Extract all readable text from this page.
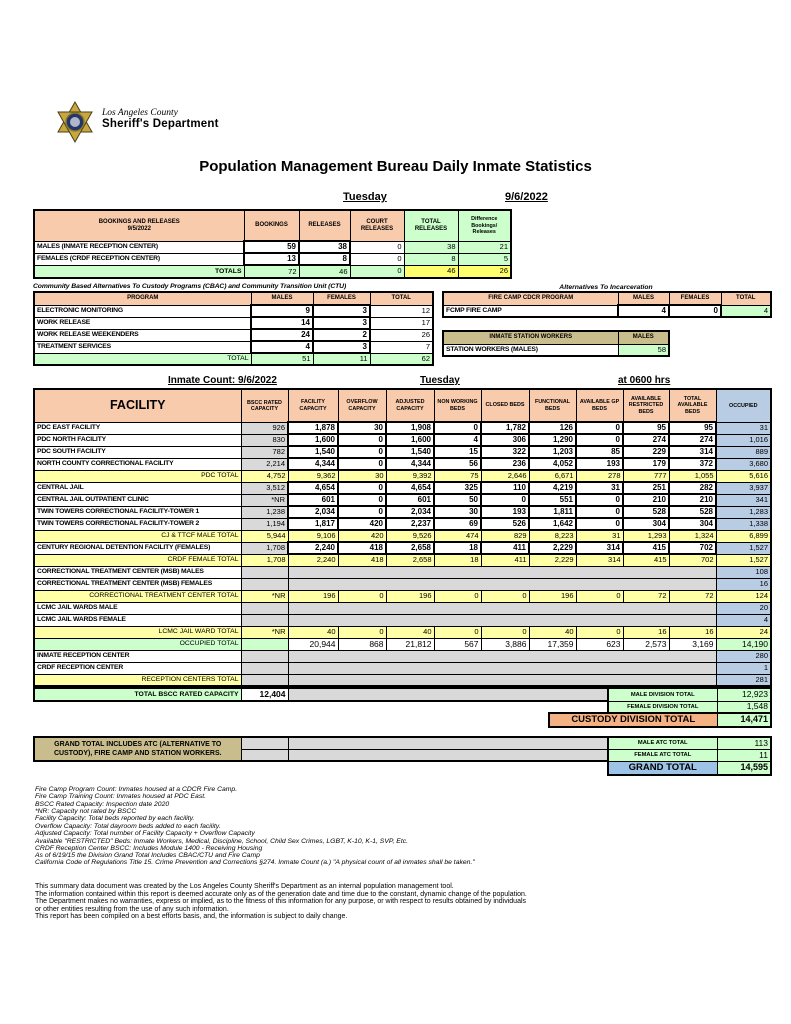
Los Angeles County
Sheriff's Department
Population Management Bureau Daily Inmate Statistics
Tuesday	9/6/2022
BOOKINGS AND RELEASES
9/5/2022	BOOKINGS	RELEASES	COURT RELEASES	TOTAL RELEASES	Difference Bookings/ Releases
MALES (INMATE RECEPTION CENTER)	59	38	0	38	21
FEMALES (CRDF RECEPTION CENTER)	13	8	0	8	5
TOTALS	72	46	0	46	26
Community Based Alternatives To Custody Programs (CBAC) and Community Transition Unit (CTU)
PROGRAM	MALES	FEMALES	TOTAL
ELECTRONIC MONITORING	9	3	12
WORK RELEASE	14	3	17
WORK RELEASE WEEKENDERS	24	2	26
TREATMENT SERVICES	4	3	7
TOTAL	51	11	62
Alternatives To Incarceration
FIRE CAMP CDCR PROGRAM	MALES	FEMALES	TOTAL
FCMP FIRE CAMP	4	0	4
INMATE STATION WORKERS	MALES
STATION WORKERS (MALES)	58
Inmate Count: 9/6/2022	Tuesday	at 0600 hrs
FACILITY	BSCC RATED CAPACITY	FACILITY CAPACITY	OVERFLOW CAPACITY	ADJUSTED CAPACITY	NON WORKING BEDS	CLOSED BEDS	FUNCTIONAL BEDS	AVAILABLE GP BEDS	AVAILABLE RESTRICTED BEDS	TOTAL AVAILABLE BEDS	OCCUPIED
PDC EAST FACILITY	926	1,878	30	1,908	0	1,782	126	0	95	95	31
PDC NORTH FACILITY	830	1,600	0	1,600	4	306	1,290	0	274	274	1,016
PDC SOUTH FACILITY	782	1,540	0	1,540	15	322	1,203	85	229	314	889
NORTH COUNTY CORRECTIONAL FACILITY	2,214	4,344	0	4,344	56	236	4,052	193	179	372	3,680
PDC TOTAL	4,752	9,362	30	9,392	75	2,646	6,671	278	777	1,055	5,616
CENTRAL JAIL	3,512	4,654	0	4,654	325	110	4,219	31	251	282	3,937
CENTRAL JAIL OUTPATIENT CLINIC	*NR	601	0	601	50	0	551	0	210	210	341
TWIN TOWERS CORRECTIONAL FACILITY-TOWER 1	1,238	2,034	0	2,034	30	193	1,811	0	528	528	1,283
TWIN TOWERS CORRECTIONAL FACILITY-TOWER 2	1,194	1,817	420	2,237	69	526	1,642	0	304	304	1,338
CJ & TTCF MALE TOTAL	5,944	9,106	420	9,526	474	829	8,223	31	1,293	1,324	6,899
CENTURY REGIONAL DETENTION FACILITY (FEMALES)	1,708	2,240	418	2,658	18	411	2,229	314	415	702	1,527
CRDF FEMALE TOTAL	1,708	2,240	418	2,658	18	411	2,229	314	415	702	1,527
CORRECTIONAL TREATMENT CENTER (MSB) MALES											108
CORRECTIONAL TREATMENT CENTER (MSB) FEMALES											16
CORRECTIONAL TREATMENT CENTER TOTAL	*NR	196	0	196	0	0	196	0	72	72	124
LCMC JAIL WARDS MALE											20
LCMC JAIL WARDS FEMALE											4
LCMC JAIL WARD TOTAL	*NR	40	0	40	0	0	40	0	16	16	24
OCCUPIED TOTAL		20,944	868	21,812	567	3,886	17,359	623	2,573	3,169	14,190
INMATE RECEPTION CENTER											280
CRDF RECEPTION CENTER											1
RECEPTION CENTERS TOTAL											281
TOTAL BSCC RATED CAPACITY	12,404		MALE DIVISION TOTAL	12,923
FEMALE DIVISION TOTAL	1,548
CUSTODY DIVISION TOTAL	14,471
GRAND TOTAL INCLUDES ATC (ALTERNATIVE TO
CUSTODY), FIRE CAMP AND STATION WORKERS.		

MALE ATC TOTAL	113
FEMALE ATC TOTAL	11
GRAND TOTAL	14,595
Fire Camp Program Count: Inmates housed at a CDCR Fire Camp.
Fire Camp Training Count: Inmates housed at PDC East.
BSCC Rated Capacity: Inspection date 2020
*NR: Capacity not rated by BSCC
Facility Capacity: Total beds reported by each facility.
Overflow Capacity: Total dayroom beds added to each facility.
Adjusted Capacity: Total number of Facility Capacity + Overflow Capacity
Available "RESTRICTED" Beds: Inmate Workers, Medical, Discipline, School, Child Sex Crimes, LGBT, K-10, K-1, SVP, Etc.
CRDF Reception Center BSCC: Includes Module 1400 - Receiving Housing
As of 6/19/15 the Division Grand Total Includes CBAC/CTU and Fire Camp
California Code of Regulations Title 15. Crime Prevention and Corrections §274. Inmate Count (a.) "A physical count of all inmates shall be taken."
This summary data document was created by the Los Angeles County Sheriff's Department as an internal population management tool.
The information contained within this report is deemed accurate only as of the generation date and time due to the constant, dynamic change of the population.
The Department makes no warranties, express or implied, as to the fitness of this information for any purpose, or with respect to results obtained by individuals
or other entities resulting from the use of any such information.
This report has been compiled on a best efforts basis, and, the information is subject to daily change.
